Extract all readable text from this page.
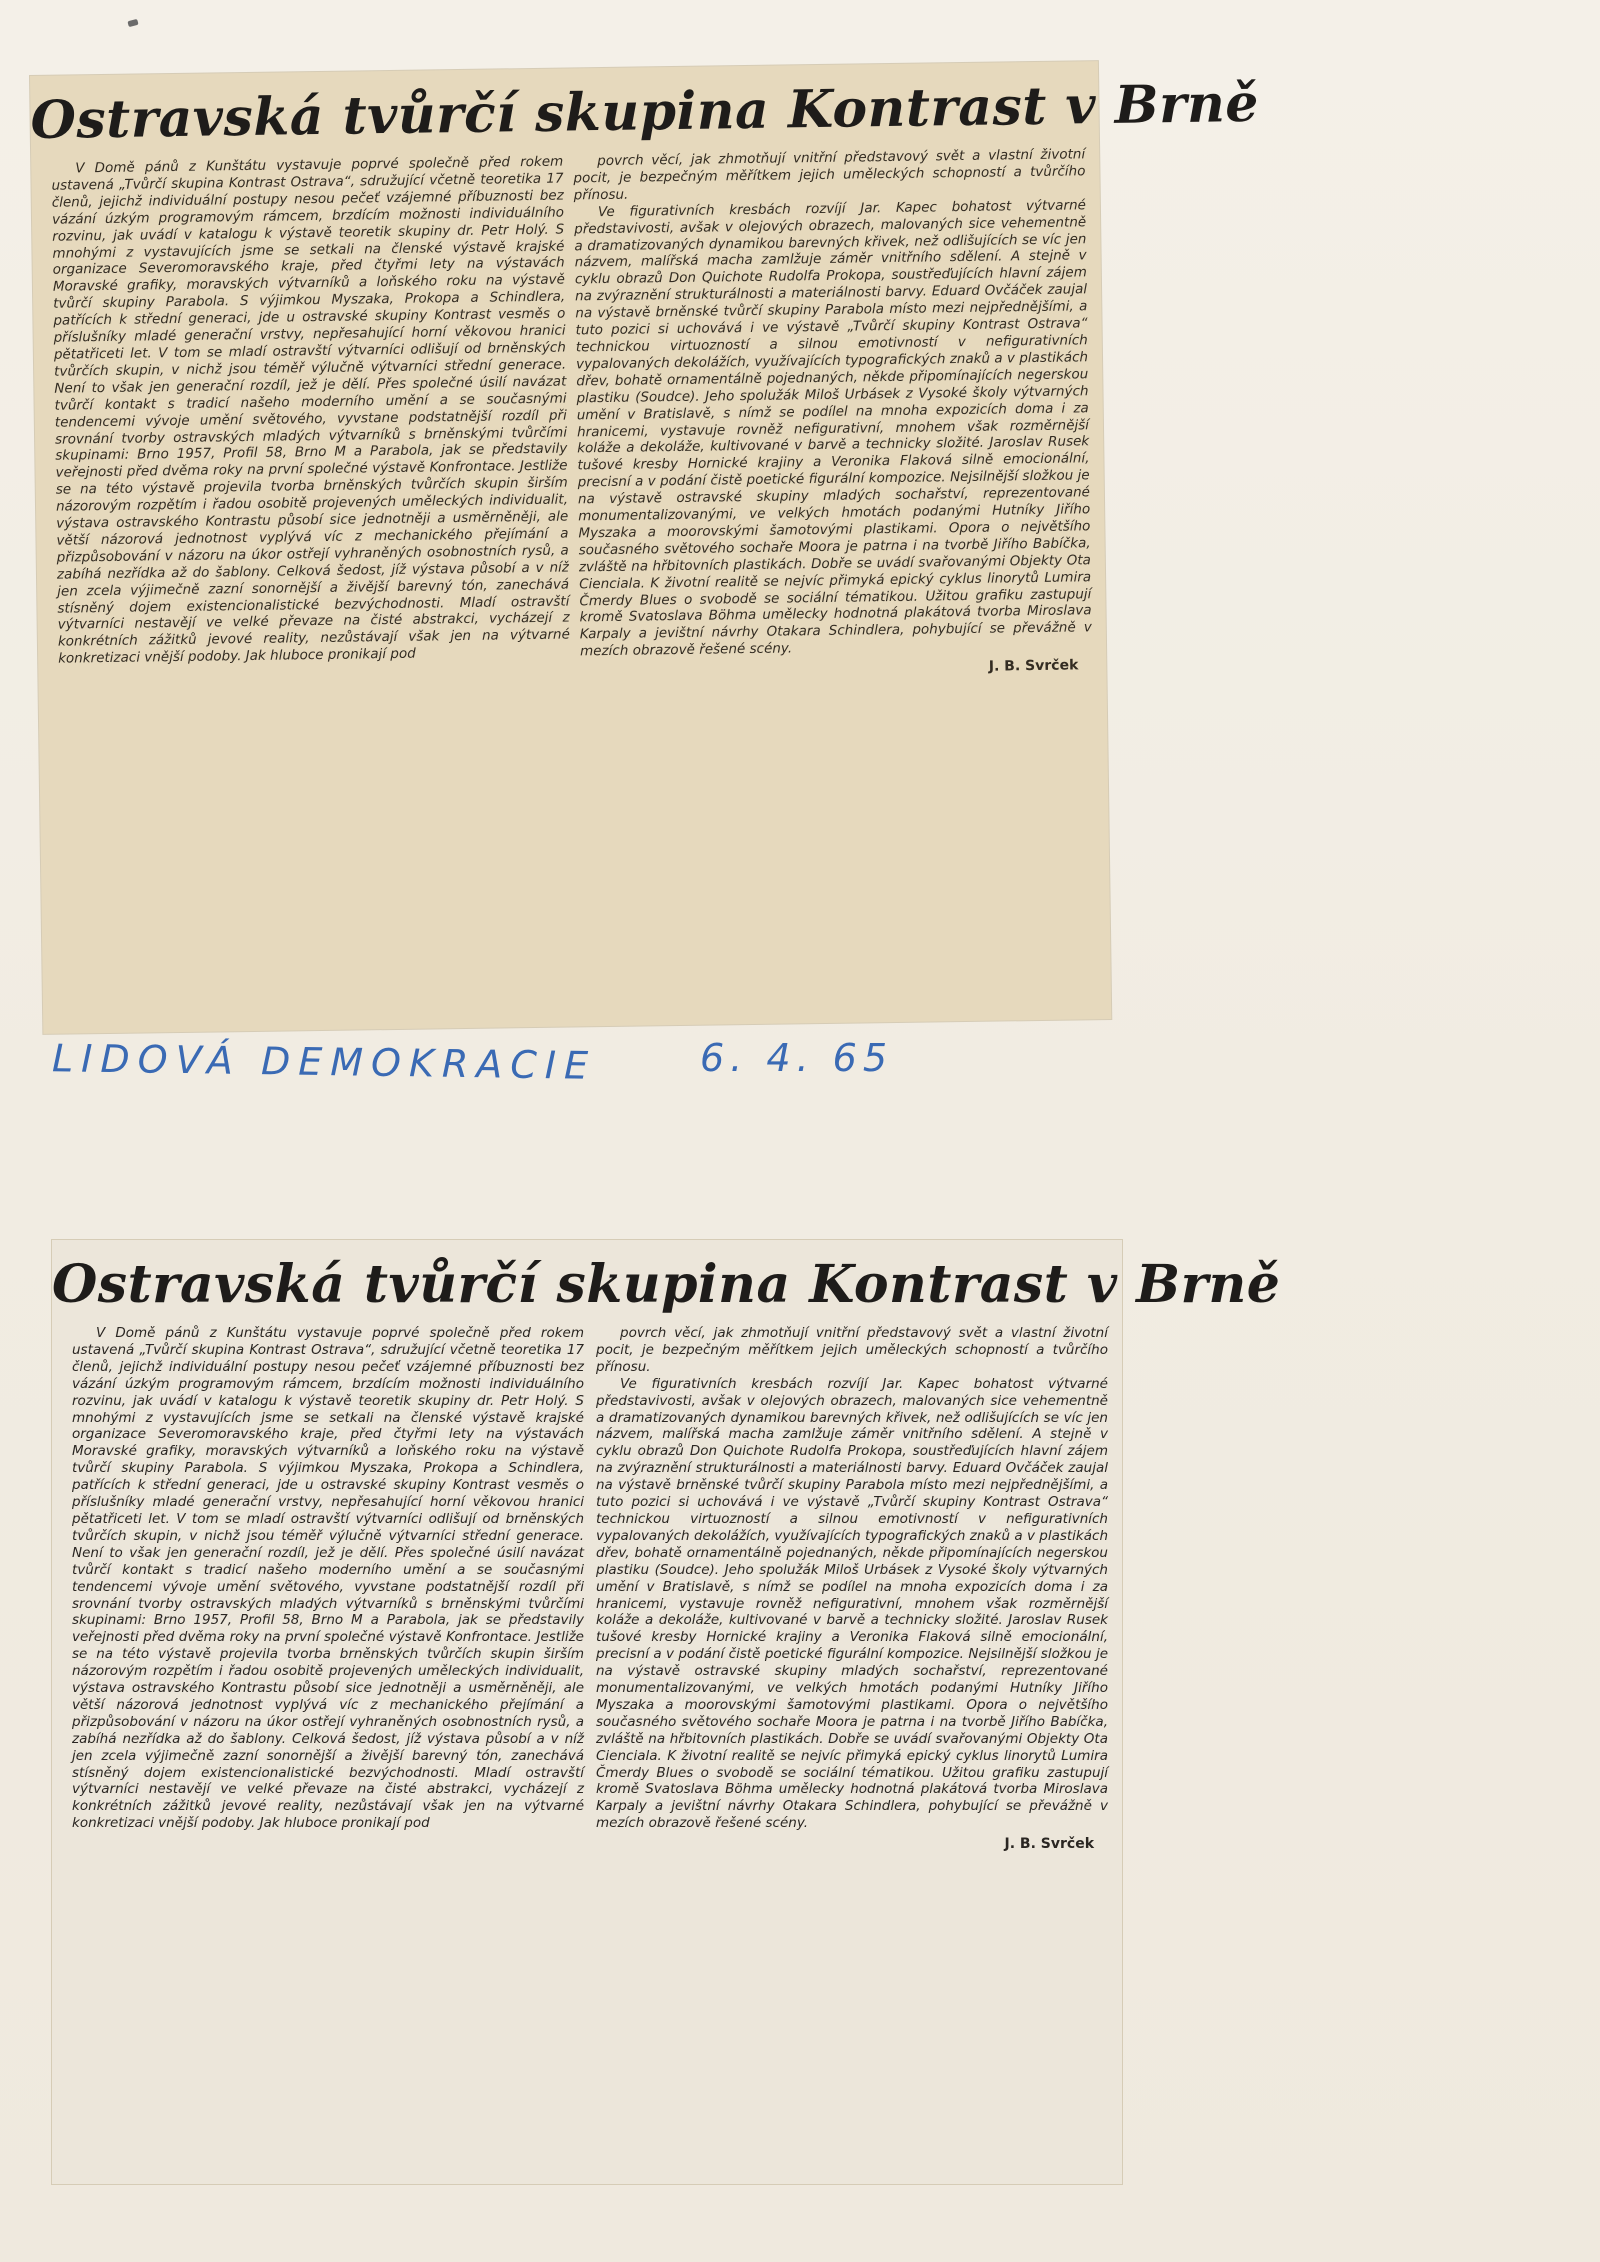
Ostravská tvůrčí skupina Kontrast v Brně

V Domě pánů z Kunštátu vystavuje poprvé společně před rokem ustavená „Tvůrčí skupina Kontrast Ostrava“, sdružující včetně teoretika 17 členů, jejichž individuální postupy nesou pečeť vzájemné příbuznosti bez vázání úzkým programovým rámcem, brzdícím možnosti individuálního rozvinu, jak uvádí v katalogu k výstavě teoretik skupiny dr. Petr Holý. S mnohými z vystavujících jsme se setkali na členské výstavě krajské organizace Severomoravského kraje, před čtyřmi lety na výstavách Moravské grafiky, moravských výtvarníků a loňského roku na výstavě tvůrčí skupiny Parabola. S výjimkou Myszaka, Prokopa a Schindlera, patřících k střední generaci, jde u ostravské skupiny Kontrast vesměs o příslušníky mladé generační vrstvy, nepřesahující horní věkovou hranici pětatřiceti let. V tom se mladí ostravští výtvarníci odlišují od brněnských tvůrčích skupin, v nichž jsou téměř výlučně výtvarníci střední generace. Není to však jen generační rozdíl, jež je dělí. Přes společné úsilí navázat tvůrčí kontakt s tradicí našeho moderního umění a se současnými tendencemi vývoje umění světového, vyvstane podstatnější rozdíl při srovnání tvorby ostravských mladých výtvarníků s brněnskými tvůrčími skupinami: Brno 1957, Profil 58, Brno M a Parabola, jak se představily veřejnosti před dvěma roky na první společné výstavě Konfrontace. Jestliže se na této výstavě projevila tvorba brněnských tvůrčích skupin širším názorovým rozpětím i řadou osobitě projevených uměleckých individualit, výstava ostravského Kontrastu působí sice jednotněji a usměrněněji, ale větší názorová jednotnost vyplývá víc z mechanického přejímání a přizpůsobování v názoru na úkor ostřejí vyhraněných osobnostních rysů, a zabíhá nezřídka až do šablony. Celková šedost, jíž výstava působí a v níž jen zcela výjimečně zazní sonornější a živější barevný tón, zanechává stísněný dojem existencionalistické bezvýchodnosti. Mladí ostravští výtvarníci nestavějí ve velké převaze na čisté abstrakci, vycházejí z konkrétních zážitků jevové reality, nezůstávají však jen na výtvarné konkretizaci vnější podoby. Jak hluboce pronikají pod

povrch věcí, jak zhmotňují vnitřní představový svět a vlastní životní pocit, je bezpečným měřítkem jejich uměleckých schopností a tvůrčího přínosu.

Ve figurativních kresbách rozvíjí Jar. Kapec bohatost výtvarné představivosti, avšak v olejových obrazech, malovaných sice vehementně a dramatizovaných dynamikou barevných křivek, než odlišujících se víc jen názvem, malířská macha zamlžuje záměr vnitřního sdělení. A stejně v cyklu obrazů Don Quichote Rudolfa Prokopa, soustřeďujících hlavní zájem na zvýraznění strukturálnosti a materiálnosti barvy. Eduard Ovčáček zaujal na výstavě brněnské tvůrčí skupiny Parabola místo mezi nejpřednějšími, a tuto pozici si uchovává i ve výstavě „Tvůrčí skupiny Kontrast Ostrava“ technickou virtuozností a silnou emotivností v nefigurativních vypalovaných dekolážích, využívajících typografických znaků a v plastikách dřev, bohatě ornamentálně pojednaných, někde připomínajících negerskou plastiku (Soudce). Jeho spolužák Miloš Urbásek z Vysoké školy výtvarných umění v Bratislavě, s nímž se podílel na mnoha expozicích doma i za hranicemi, vystavuje rovněž nefigurativní, mnohem však rozměrnější koláže a dekoláže, kultivované v barvě a technicky složité. Jaroslav Rusek tušové kresby Hornické krajiny a Veronika Flaková silně emocionální, precisní a v podání čistě poetické figurální kompozice. Nejsilnější složkou je na výstavě ostravské skupiny mladých sochařství, reprezentované monumentalizovanými, ve velkých hmotách podanými Hutníky Jiřího Myszaka a moorovskými šamotovými plastikami. Opora o největšího současného světového sochaře Moora je patrna i na tvorbě Jiřího Babíčka, zvláště na hřbitovních plastikách. Dobře se uvádí svařovanými Objekty Ota Cienciala. K životní realitě se nejvíc přimyká epický cyklus linorytů Lumira Čmerdy Blues o svobodě se sociální tématikou. Užitou grafiku zastupují kromě Svatoslava Böhma umělecky hodnotná plakátová tvorba Miroslava Karpaly a jevištní návrhy Otakara Schindlera, pohybující se převážně v mezích obrazově řešené scény.

J. B. Svrček
LIDOVÁ DEMOKRACIE	6. 4. 65
Ostravská tvůrčí skupina Kontrast v Brně

V Domě pánů z Kunštátu vystavuje poprvé společně před rokem ustavená „Tvůrčí skupina Kontrast Ostrava“, sdružující včetně teoretika 17 členů, jejichž individuální postupy nesou pečeť vzájemné příbuznosti bez vázání úzkým programovým rámcem, brzdícím možnosti individuálního rozvinu, jak uvádí v katalogu k výstavě teoretik skupiny dr. Petr Holý. S mnohými z vystavujících jsme se setkali na členské výstavě krajské organizace Severomoravského kraje, před čtyřmi lety na výstavách Moravské grafiky, moravských výtvarníků a loňského roku na výstavě tvůrčí skupiny Parabola. S výjimkou Myszaka, Prokopa a Schindlera, patřících k střední generaci, jde u ostravské skupiny Kontrast vesměs o příslušníky mladé generační vrstvy, nepřesahující horní věkovou hranici pětatřiceti let. V tom se mladí ostravští výtvarníci odlišují od brněnských tvůrčích skupin, v nichž jsou téměř výlučně výtvarníci střední generace. Není to však jen generační rozdíl, jež je dělí. Přes společné úsilí navázat tvůrčí kontakt s tradicí našeho moderního umění a se současnými tendencemi vývoje umění světového, vyvstane podstatnější rozdíl při srovnání tvorby ostravských mladých výtvarníků s brněnskými tvůrčími skupinami: Brno 1957, Profil 58, Brno M a Parabola, jak se představily veřejnosti před dvěma roky na první společné výstavě Konfrontace. Jestliže se na této výstavě projevila tvorba brněnských tvůrčích skupin širším názorovým rozpětím i řadou osobitě projevených uměleckých individualit, výstava ostravského Kontrastu působí sice jednotněji a usměrněněji, ale větší názorová jednotnost vyplývá víc z mechanického přejímání a přizpůsobování v názoru na úkor ostřejí vyhraněných osobnostních rysů, a zabíhá nezřídka až do šablony. Celková šedost, jíž výstava působí a v níž jen zcela výjimečně zazní sonornější a živější barevný tón, zanechává stísněný dojem existencionalistické bezvýchodnosti. Mladí ostravští výtvarníci nestavějí ve velké převaze na čisté abstrakci, vycházejí z konkrétních zážitků jevové reality, nezůstávají však jen na výtvarné konkretizaci vnější podoby. Jak hluboce pronikají pod

povrch věcí, jak zhmotňují vnitřní představový svět a vlastní životní pocit, je bezpečným měřítkem jejich uměleckých schopností a tvůrčího přínosu.

Ve figurativních kresbách rozvíjí Jar. Kapec bohatost výtvarné představivosti, avšak v olejových obrazech, malovaných sice vehementně a dramatizovaných dynamikou barevných křivek, než odlišujících se víc jen názvem, malířská macha zamlžuje záměr vnitřního sdělení. A stejně v cyklu obrazů Don Quichote Rudolfa Prokopa, soustřeďujících hlavní zájem na zvýraznění strukturálnosti a materiálnosti barvy. Eduard Ovčáček zaujal na výstavě brněnské tvůrčí skupiny Parabola místo mezi nejpřednějšími, a tuto pozici si uchovává i ve výstavě „Tvůrčí skupiny Kontrast Ostrava“ technickou virtuozností a silnou emotivností v nefigurativních vypalovaných dekolážích, využívajících typografických znaků a v plastikách dřev, bohatě ornamentálně pojednaných, někde připomínajících negerskou plastiku (Soudce). Jeho spolužák Miloš Urbásek z Vysoké školy výtvarných umění v Bratislavě, s nímž se podílel na mnoha expozicích doma i za hranicemi, vystavuje rovněž nefigurativní, mnohem však rozměrnější koláže a dekoláže, kultivované v barvě a technicky složité. Jaroslav Rusek tušové kresby Hornické krajiny a Veronika Flaková silně emocionální, precisní a v podání čistě poetické figurální kompozice. Nejsilnější složkou je na výstavě ostravské skupiny mladých sochařství, reprezentované monumentalizovanými, ve velkých hmotách podanými Hutníky Jiřího Myszaka a moorovskými šamotovými plastikami. Opora o největšího současného světového sochaře Moora je patrna i na tvorbě Jiřího Babíčka, zvláště na hřbitovních plastikách. Dobře se uvádí svařovanými Objekty Ota Cienciala. K životní realitě se nejvíc přimyká epický cyklus linorytů Lumira Čmerdy Blues o svobodě se sociální tématikou. Užitou grafiku zastupují kromě Svatoslava Böhma umělecky hodnotná plakátová tvorba Miroslava Karpaly a jevištní návrhy Otakara Schindlera, pohybující se převážně v mezích obrazově řešené scény.

J. B. Svrček
